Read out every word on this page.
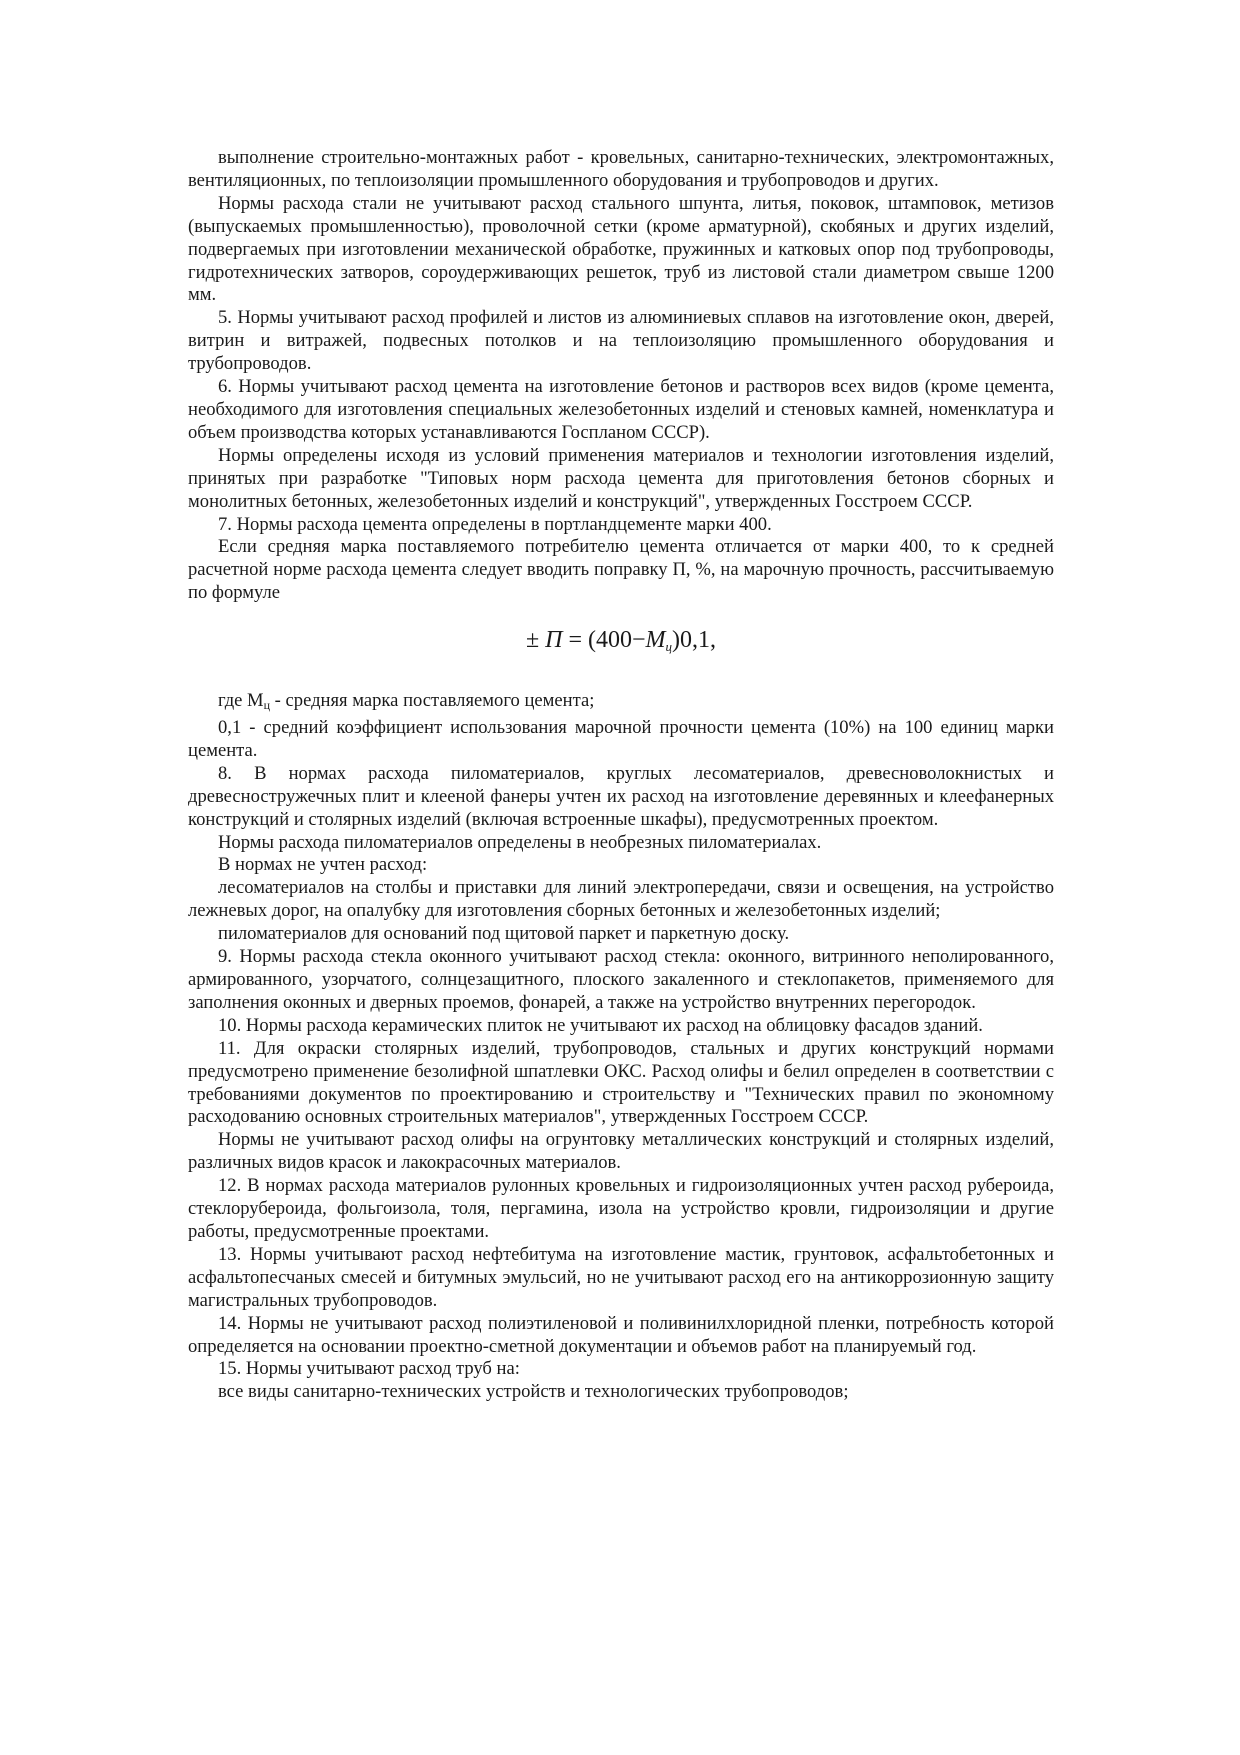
выполнение строительно-монтажных работ - кровельных, санитарно-технических, электромонтажных, вентиляционных, по теплоизоляции промышленного оборудования и трубопроводов и других.

Нормы расхода стали не учитывают расход стального шпунта, литья, поковок, штамповок, метизов (выпускаемых промышленностью), проволочной сетки (кроме арматурной), скобяных и других изделий, подвергаемых при изготовлении механической обработке, пружинных и катковых опор под трубопроводы, гидротехнических затворов, сороудерживающих решеток, труб из листовой стали диаметром свыше 1200 мм.

5. Нормы учитывают расход профилей и листов из алюминиевых сплавов на изготовление окон, дверей, витрин и витражей, подвесных потолков и на теплоизоляцию промышленного оборудования и трубопроводов.

6. Нормы учитывают расход цемента на изготовление бетонов и растворов всех видов (кроме цемента, необходимого для изготовления специальных железобетонных изделий и стеновых камней, номенклатура и объем производства которых устанавливаются Госпланом СССР).

Нормы определены исходя из условий применения материалов и технологии изготовления изделий, принятых при разработке "Типовых норм расхода цемента для приготовления бетонов сборных и монолитных бетонных, железобетонных изделий и конструкций", утвержденных Госстроем СССР.

7. Нормы расхода цемента определены в портландцементе марки 400.

Если средняя марка поставляемого потребителю цемента отличается от марки 400, то к средней расчетной норме расхода цемента следует вводить поправку П, %, на марочную прочность, рассчитываемую по формуле

± $П = (400-М_ц)0,1$,

где Мц - средняя марка поставляемого цемента;

0,1 - средний коэффициент использования марочной прочности цемента (10%) на 100 единиц марки цемента.

8. В нормах расхода пиломатериалов, круглых лесоматериалов, древесноволокнистых и древесностружечных плит и клееной фанеры учтен их расход на изготовление деревянных и клеефанерных конструкций и столярных изделий (включая встроенные шкафы), предусмотренных проектом.

Нормы расхода пиломатериалов определены в необрезных пиломатериалах.

В нормах не учтен расход:

лесоматериалов на столбы и приставки для линий электропередачи, связи и освещения, на устройство лежневых дорог, на опалубку для изготовления сборных бетонных и железобетонных изделий;

пиломатериалов для оснований под щитовой паркет и паркетную доску.

9. Нормы расхода стекла оконного учитывают расход стекла: оконного, витринного неполированного, армированного, узорчатого, солнцезащитного, плоского закаленного и стеклопакетов, применяемого для заполнения оконных и дверных проемов, фонарей, а также на устройство внутренних перегородок.

10. Нормы расхода керамических плиток не учитывают их расход на облицовку фасадов зданий.

11. Для окраски столярных изделий, трубопроводов, стальных и других конструкций нормами предусмотрено применение безолифной шпатлевки ОКС. Расход олифы и белил определен в соответствии с требованиями документов по проектированию и строительству и "Технических правил по экономному расходованию основных строительных материалов", утвержденных Госстроем СССР.

Нормы не учитывают расход олифы на огрунтовку металлических конструкций и столярных изделий, различных видов красок и лакокрасочных материалов.

12. В нормах расхода материалов рулонных кровельных и гидроизоляционных учтен расход рубероида, стеклорубероида, фольгоизола, толя, пергамина, изола на устройство кровли, гидроизоляции и другие работы, предусмотренные проектами.

13. Нормы учитывают расход нефтебитума на изготовление мастик, грунтовок, асфальтобетонных и асфальтопесчаных смесей и битумных эмульсий, но не учитывают расход его на антикоррозионную защиту магистральных трубопроводов.

14. Нормы не учитывают расход полиэтиленовой и поливинилхлоридной пленки, потребность которой определяется на основании проектно-сметной документации и объемов работ на планируемый год.

15. Нормы учитывают расход труб на:

все виды санитарно-технических устройств и технологических трубопроводов;
